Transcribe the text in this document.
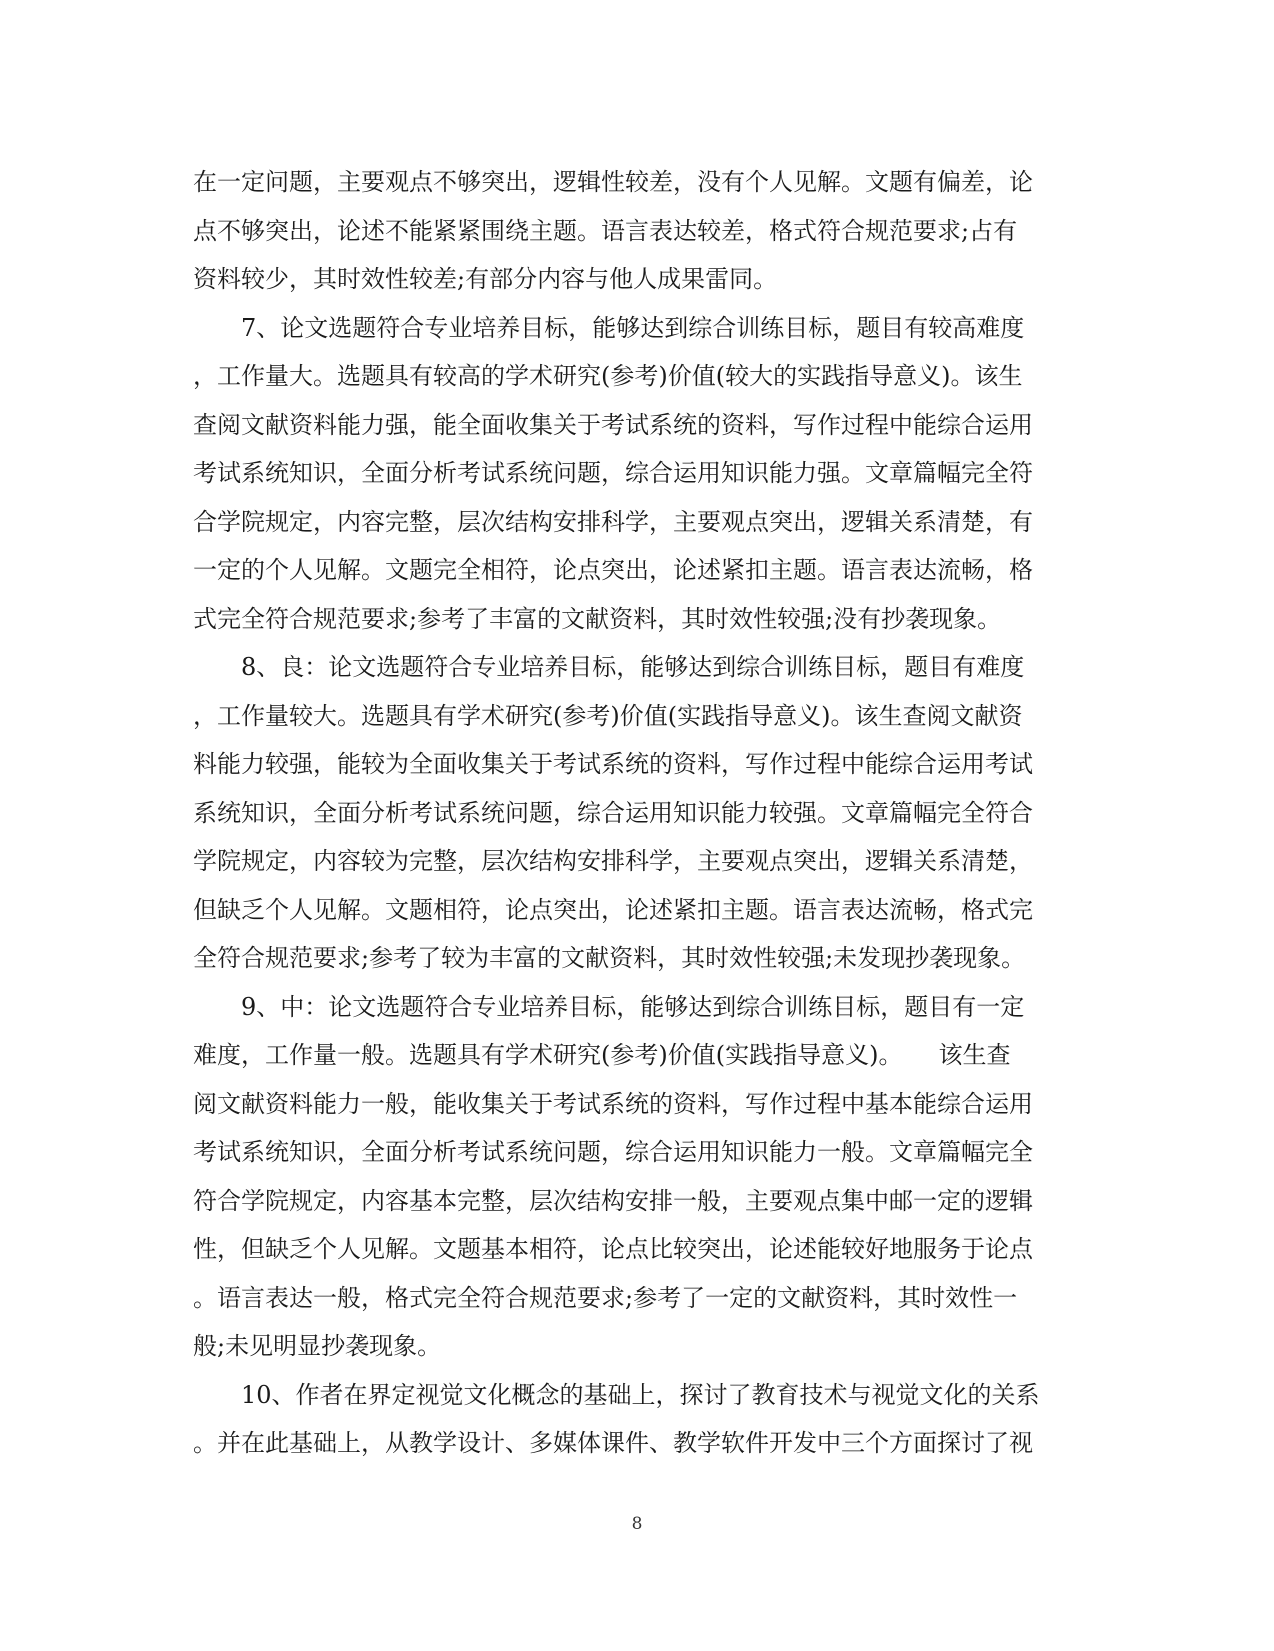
在一定问题，主要观点不够突出，逻辑性较差，没有个人见解。文题有偏差，论
点不够突出，论述不能紧紧围绕主题。语言表达较差，格式符合规范要求;占有
资料较少，其时效性较差;有部分内容与他人成果雷同。
　　7、论文选题符合专业培养目标，能够达到综合训练目标，题目有较高难度
，工作量大。选题具有较高的学术研究(参考)价值(较大的实践指导意义)。该生
查阅文献资料能力强，能全面收集关于考试系统的资料，写作过程中能综合运用
考试系统知识，全面分析考试系统问题，综合运用知识能力强。文章篇幅完全符
合学院规定，内容完整，层次结构安排科学，主要观点突出，逻辑关系清楚，有
一定的个人见解。文题完全相符，论点突出，论述紧扣主题。语言表达流畅，格
式完全符合规范要求;参考了丰富的文献资料，其时效性较强;没有抄袭现象。
　　8、良：论文选题符合专业培养目标，能够达到综合训练目标，题目有难度
，工作量较大。选题具有学术研究(参考)价值(实践指导意义)。该生查阅文献资
料能力较强，能较为全面收集关于考试系统的资料，写作过程中能综合运用考试
系统知识，全面分析考试系统问题，综合运用知识能力较强。文章篇幅完全符合
学院规定，内容较为完整，层次结构安排科学，主要观点突出，逻辑关系清楚，
但缺乏个人见解。文题相符，论点突出，论述紧扣主题。语言表达流畅，格式完
全符合规范要求;参考了较为丰富的文献资料，其时效性较强;未发现抄袭现象。
　　9、中：论文选题符合专业培养目标，能够达到综合训练目标，题目有一定
难度，工作量一般。选题具有学术研究(参考)价值(实践指导意义)。　　该生查
阅文献资料能力一般，能收集关于考试系统的资料，写作过程中基本能综合运用
考试系统知识，全面分析考试系统问题，综合运用知识能力一般。文章篇幅完全
符合学院规定，内容基本完整，层次结构安排一般，主要观点集中邮一定的逻辑
性，但缺乏个人见解。文题基本相符，论点比较突出，论述能较好地服务于论点
。语言表达一般，格式完全符合规范要求;参考了一定的文献资料，其时效性一
般;未见明显抄袭现象。
　　10、作者在界定视觉文化概念的基础上，探讨了教育技术与视觉文化的关系
。并在此基础上，从教学设计、多媒体课件、教学软件开发中三个方面探讨了视
8
